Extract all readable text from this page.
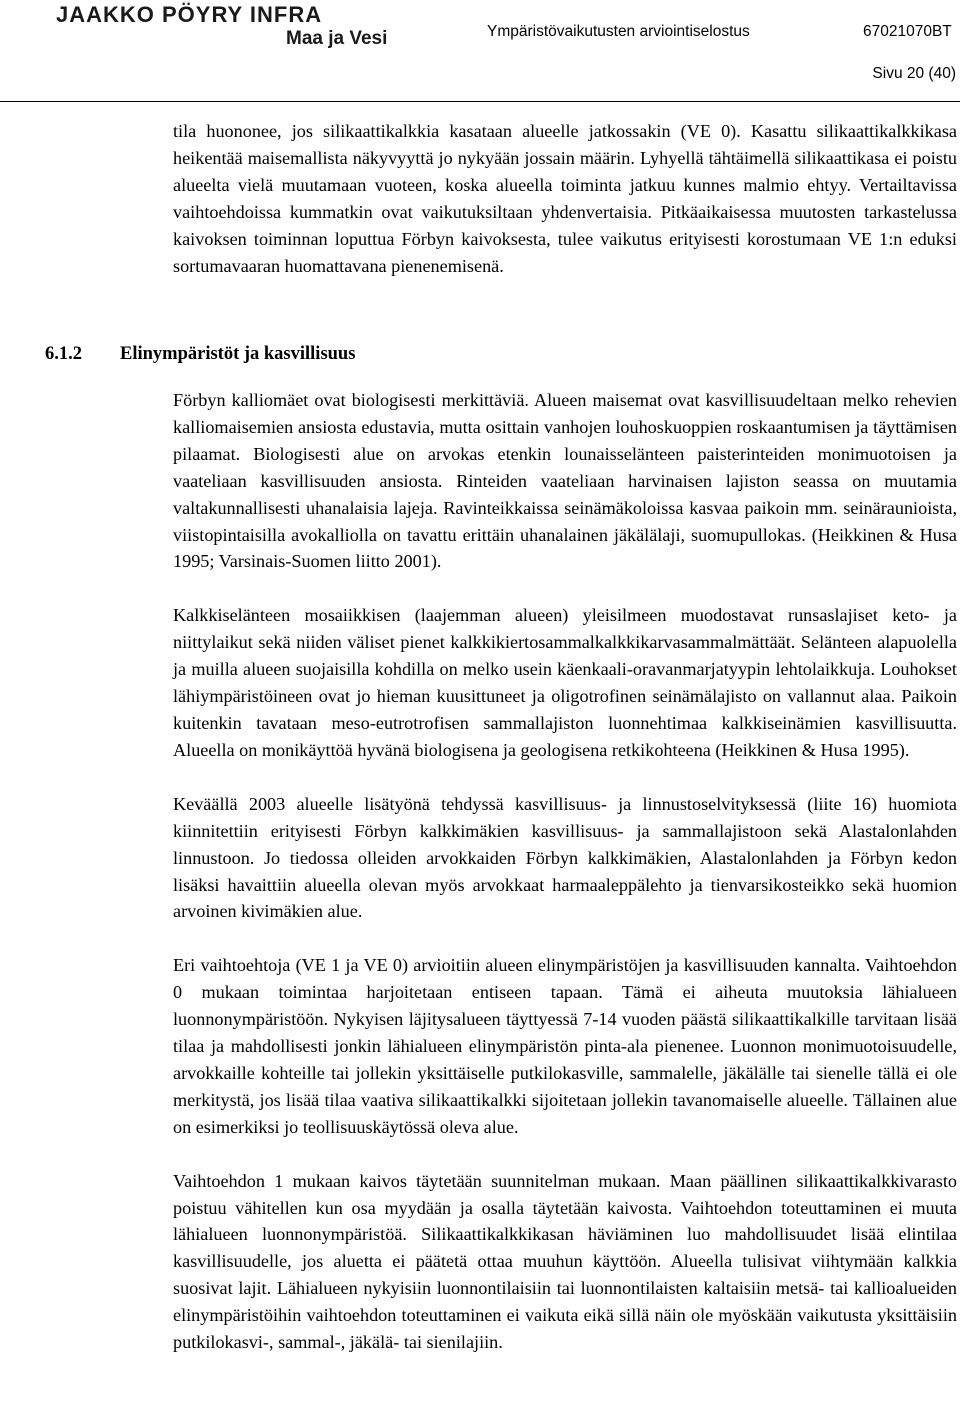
JAAKKO PÖYRY INFRA
Maa ja Vesi	Ympäristövaikutusten arviointiselostus	67021070BT
Sivu 20 (40)

tila huononee, jos silikaattikalkkia kasataan alueelle jatkossakin (VE 0). Kasattu silikaattikalkkikasa heikentää maisemallista näkyvyyttä jo nykyään jossain määrin. Lyhyellä tähtäimellä silikaattikasa ei poistu alueelta vielä muutamaan vuoteen, koska alueella toiminta jatkuu kunnes malmio ehtyy. Vertailtavissa vaihtoehdoissa kummatkin ovat vaikutuksiltaan yhdenvertaisia. Pitkäaikaisessa muutosten tarkastelussa kaivoksen toiminnan loputtua Förbyn kaivoksesta, tulee vaikutus erityisesti korostumaan VE 1:n eduksi sortumavaaran huomattavana pienenemisenä.

6.1.2 Elinympäristöt ja kasvillisuus

Förbyn kalliomäet ovat biologisesti merkittäviä. Alueen maisemat ovat kasvillisuudeltaan melko rehevien kalliomaisemien ansiosta edustavia, mutta osittain vanhojen louhoskuoppien roskaantumisen ja täyttämisen pilaamat. Biologisesti alue on arvokas etenkin lounaisselänteen paisterinteiden monimuotoisen ja vaateliaan kasvillisuuden ansiosta. Rinteiden vaateliaan harvinaisen lajiston seassa on muutamia valtakunnallisesti uhanalaisia lajeja. Ravinteikkaissa seinämäkoloissa kasvaa paikoin mm. seinäraunioista, viistopintaisilla avokalliolla on tavattu erittäin uhanalainen jäkälälaji, suomupullokas. (Heikkinen & Husa 1995; Varsinais-Suomen liitto 2001).

Kalkkiselänteen mosaiikkisen (laajemman alueen) yleisilmeen muodostavat runsaslajiset keto- ja niittylaikut sekä niiden väliset pienet kalkkikiertosammalkalkkikarvasammalmättäät. Selänteen alapuolella ja muilla alueen suojaisilla kohdilla on melko usein käenkaali-oravanmarjatyypin lehtolaikkuja. Louhokset lähiympäristöineen ovat jo hieman kuusittuneet ja oligotrofinen seinämälajisto on vallannut alaa. Paikoin kuitenkin tavataan meso-eutrotrofisen sammallajiston luonnehtimaa kalkkiseinämien kasvillisuutta. Alueella on monikäyttöä hyvänä biologisena ja geologisena retkikohteena (Heikkinen & Husa 1995).

Keväällä 2003 alueelle lisätyönä tehdyssä kasvillisuus- ja linnustoselvityksessä (liite 16) huomiota kiinnitettiin erityisesti Förbyn kalkkimäkien kasvillisuus- ja sammallajistoon sekä Alastalonlahden linnustoon. Jo tiedossa olleiden arvokkaiden Förbyn kalkkimäkien, Alastalonlahden ja Förbyn kedon lisäksi havaittiin alueella olevan myös arvokkaat harmaaleppälehto ja tienvarsikosteikko sekä huomion arvoinen kivimäkien alue.

Eri vaihtoehtoja (VE 1 ja VE 0) arvioitiin alueen elinympäristöjen ja kasvillisuuden kannalta. Vaihtoehdon 0 mukaan toimintaa harjoitetaan entiseen tapaan. Tämä ei aiheuta muutoksia lähialueen luonnonympäristöön. Nykyisen läjitysalueen täyttyessä 7-14 vuoden päästä silikaattikalkille tarvitaan lisää tilaa ja mahdollisesti jonkin lähialueen elinympäristön pinta-ala pienenee. Luonnon monimuotoisuudelle, arvokkaille kohteille tai jollekin yksittäiselle putkilokasville, sammalelle, jäkälälle tai sienelle tällä ei ole merkitystä, jos lisää tilaa vaativa silikaattikalkki sijoitetaan jollekin tavanomaiselle alueelle. Tällainen alue on esimerkiksi jo teollisuuskäytössä oleva alue.

Vaihtoehdon 1 mukaan kaivos täytetään suunnitelman mukaan. Maan päällinen silikaattikalkkivarasto poistuu vähitellen kun osa myydään ja osalla täytetään kaivosta. Vaihtoehdon toteuttaminen ei muuta lähialueen luonnonympäristöä. Silikaattikalkkikasan häviäminen luo mahdollisuudet lisää elintilaa kasvillisuudelle, jos aluetta ei päätetä ottaa muuhun käyttöön. Alueella tulisivat viihtymään kalkkia suosivat lajit. Lähialueen nykyisiin luonnontilaisiin tai luonnontilaisten kaltaisiin metsä- tai kallioalueiden elinympäristöihin vaihtoehdon toteuttaminen ei vaikuta eikä sillä näin ole myöskään vaikutusta yksittäisiin putkilokasvi-, sammal-, jäkälä- tai sienilajiin.
